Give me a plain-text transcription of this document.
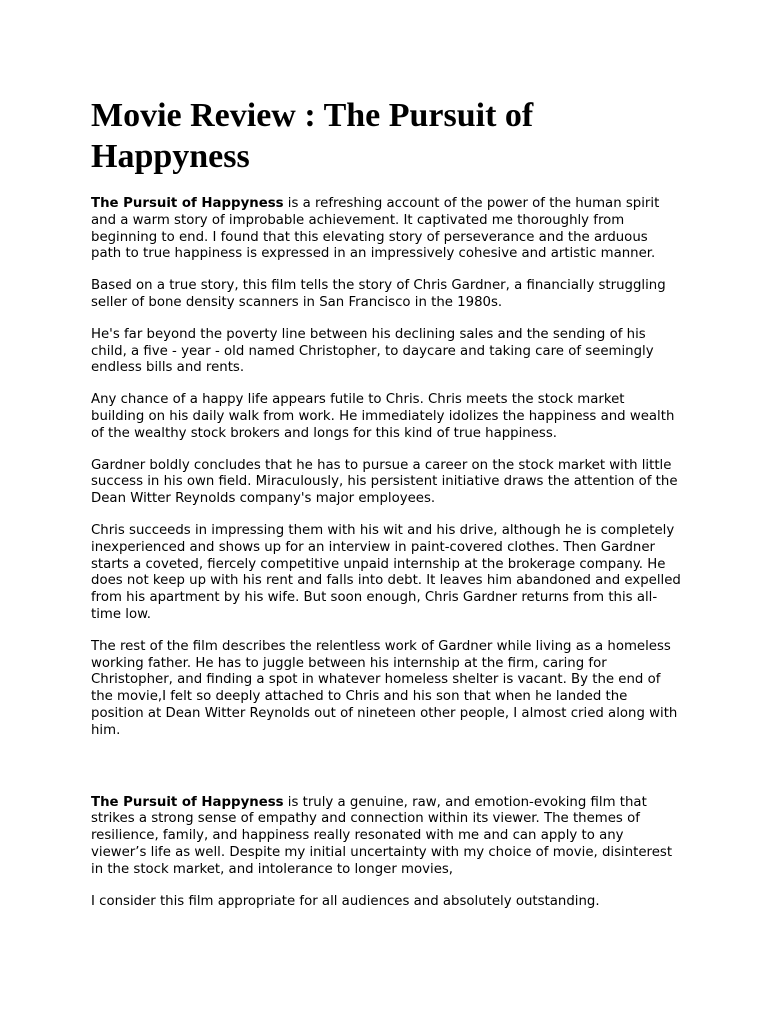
Movie Review : The Pursuit of Happyness

The Pursuit of Happyness is a refreshing account of the power of the human spirit and a warm story of improbable achievement. It captivated me thoroughly from beginning to end. I found that this elevating story of perseverance and the arduous path to true happiness is expressed in an impressively cohesive and artistic manner.

Based on a true story, this film tells the story of Chris Gardner, a financially struggling seller of bone density scanners in San Francisco in the 1980s.

He's far beyond the poverty line between his declining sales and the sending of his child, a five - year - old named Christopher, to daycare and taking care of seemingly endless bills and rents.

Any chance of a happy life appears futile to Chris. Chris meets the stock market building on his daily walk from work. He immediately idolizes the happiness and wealth of the wealthy stock brokers and longs for this kind of true happiness.

Gardner boldly concludes that he has to pursue a career on the stock market with little success in his own field. Miraculously, his persistent initiative draws the attention of the Dean Witter Reynolds company's major employees.

Chris succeeds in impressing them with his wit and his drive, although he is completely inexperienced and shows up for an interview in paint-covered clothes. Then Gardner starts a coveted, fiercely competitive unpaid internship at the brokerage company. He does not keep up with his rent and falls into debt. It leaves him abandoned and expelled from his apartment by his wife. But soon enough, Chris Gardner returns from this all-time low.

The rest of the film describes the relentless work of Gardner while living as a homeless working father. He has to juggle between his internship at the firm, caring for Christopher, and finding a spot in whatever homeless shelter is vacant. By the end of the movie,I felt so deeply attached to Chris and his son that when he landed the position at Dean Witter Reynolds out of nineteen other people, I almost cried along with him.

The Pursuit of Happyness is truly a genuine, raw, and emotion-evoking film that strikes a strong sense of empathy and connection within its viewer. The themes of resilience, family, and happiness really resonated with me and can apply to any viewer’s life as well. Despite my initial uncertainty with my choice of movie, disinterest in the stock market, and intolerance to longer movies,

I consider this film appropriate for all audiences and absolutely outstanding.
